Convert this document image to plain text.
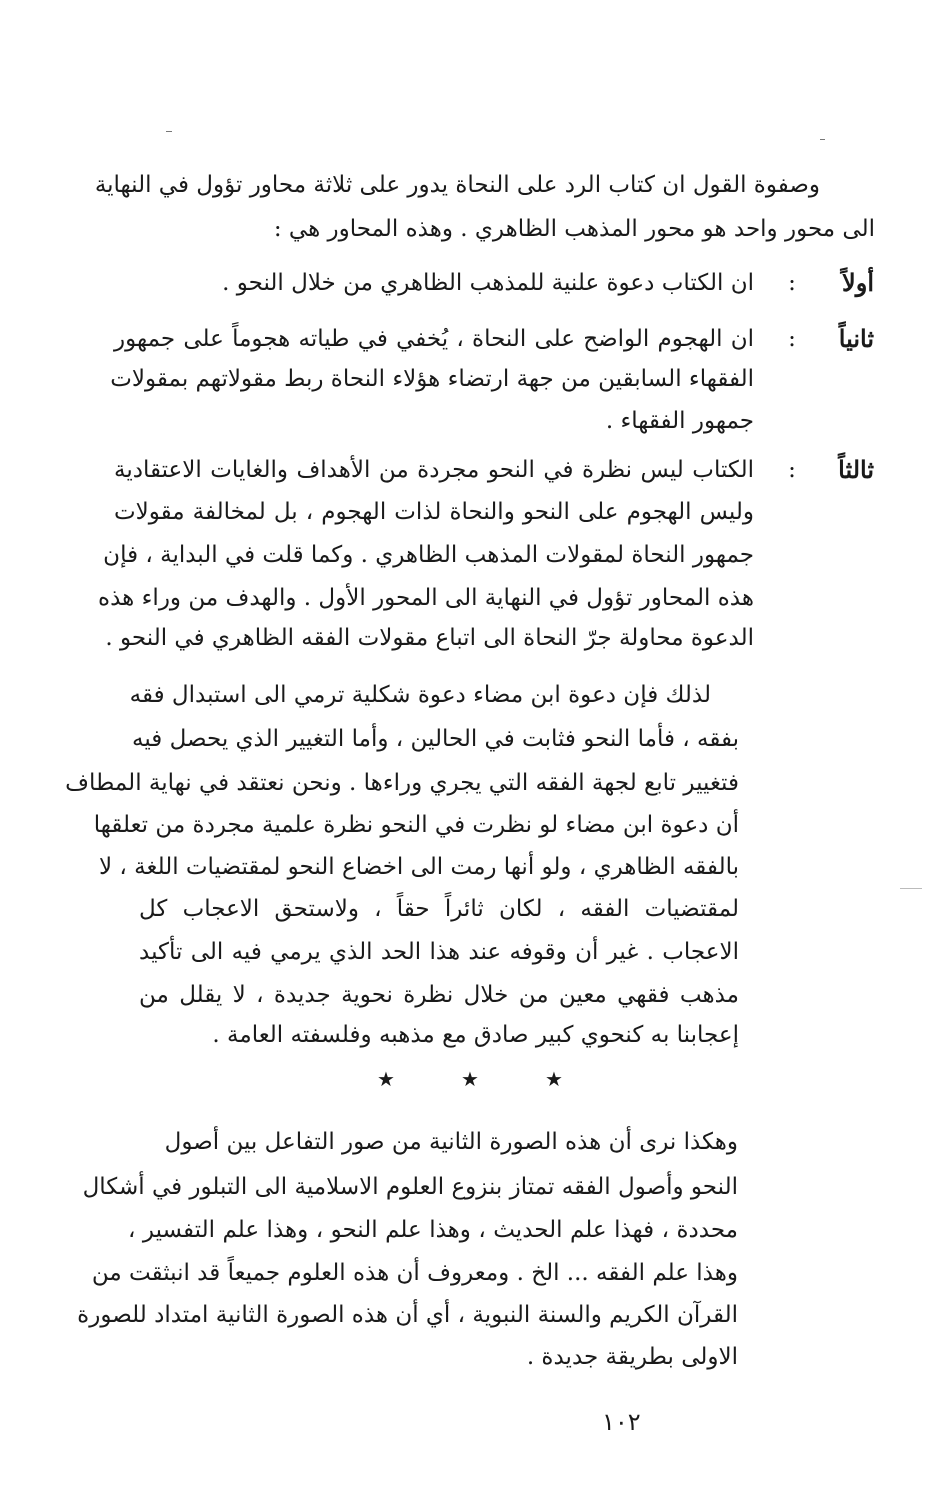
وصفوة القول ان كتاب الرد على النحاة يدور على ثلاثة محاور تؤول في النهاية
الى محور واحد هو محور المذهب الظاهري . وهذه المحاور هي :
أولاً
:
ان الكتاب دعوة علنية للمذهب الظاهري من خلال النحو .
ثانياً
:
ان الهجوم الواضح على النحاة ، يُخفي في طياته هجوماً على جمهور
الفقهاء السابقين من جهة ارتضاء هؤلاء النحاة ربط مقولاتهم بمقولات
جمهور الفقهاء .
ثالثاً
:
الكتاب ليس نظرة في النحو مجردة من الأهداف والغايات الاعتقادية
وليس الهجوم على النحو والنحاة لذات الهجوم ، بل لمخالفة مقولات
جمهور النحاة لمقولات المذهب الظاهري . وكما قلت في البداية ، فإن
هذه المحاور تؤول في النهاية الى المحور الأول . والهدف من وراء هذه
الدعوة محاولة جرّ النحاة الى اتباع مقولات الفقه الظاهري في النحو .
لذلك فإن دعوة ابن مضاء دعوة شكلية ترمي الى استبدال فقه
بفقه ، فأما النحو فثابت في الحالين ، وأما التغيير الذي يحصل فيه
فتغيير تابع لجهة الفقه التي يجري وراءها . ونحن نعتقد في نهاية المطاف
أن دعوة ابن مضاء لو نظرت في النحو نظرة علمية مجردة من تعلقها
بالفقه الظاهري ، ولو أنها رمت الى اخضاع النحو لمقتضيات اللغة ، لا
لمقتضيات الفقه ، لكان ثائراً حقاً ، ولاستحق الاعجاب كل
الاعجاب . غير أن وقوفه عند هذا الحد الذي يرمي فيه الى تأكيد
مذهب فقهي معين من خلال نظرة نحوية جديدة ، لا يقلل من
إعجابنا به كنحوي كبير صادق مع مذهبه وفلسفته العامة .
★	★	★
وهكذا نرى أن هذه الصورة الثانية من صور التفاعل بين أصول
النحو وأصول الفقه تمتاز بنزوع العلوم الاسلامية الى التبلور في أشكال
محددة ، فهذا علم الحديث ، وهذا علم النحو ، وهذا علم التفسير ،
وهذا علم الفقه ... الخ . ومعروف أن هذه العلوم جميعاً قد انبثقت من
القرآن الكريم والسنة النبوية ، أي أن هذه الصورة الثانية امتداد للصورة
الاولى بطريقة جديدة .
١٠٢
